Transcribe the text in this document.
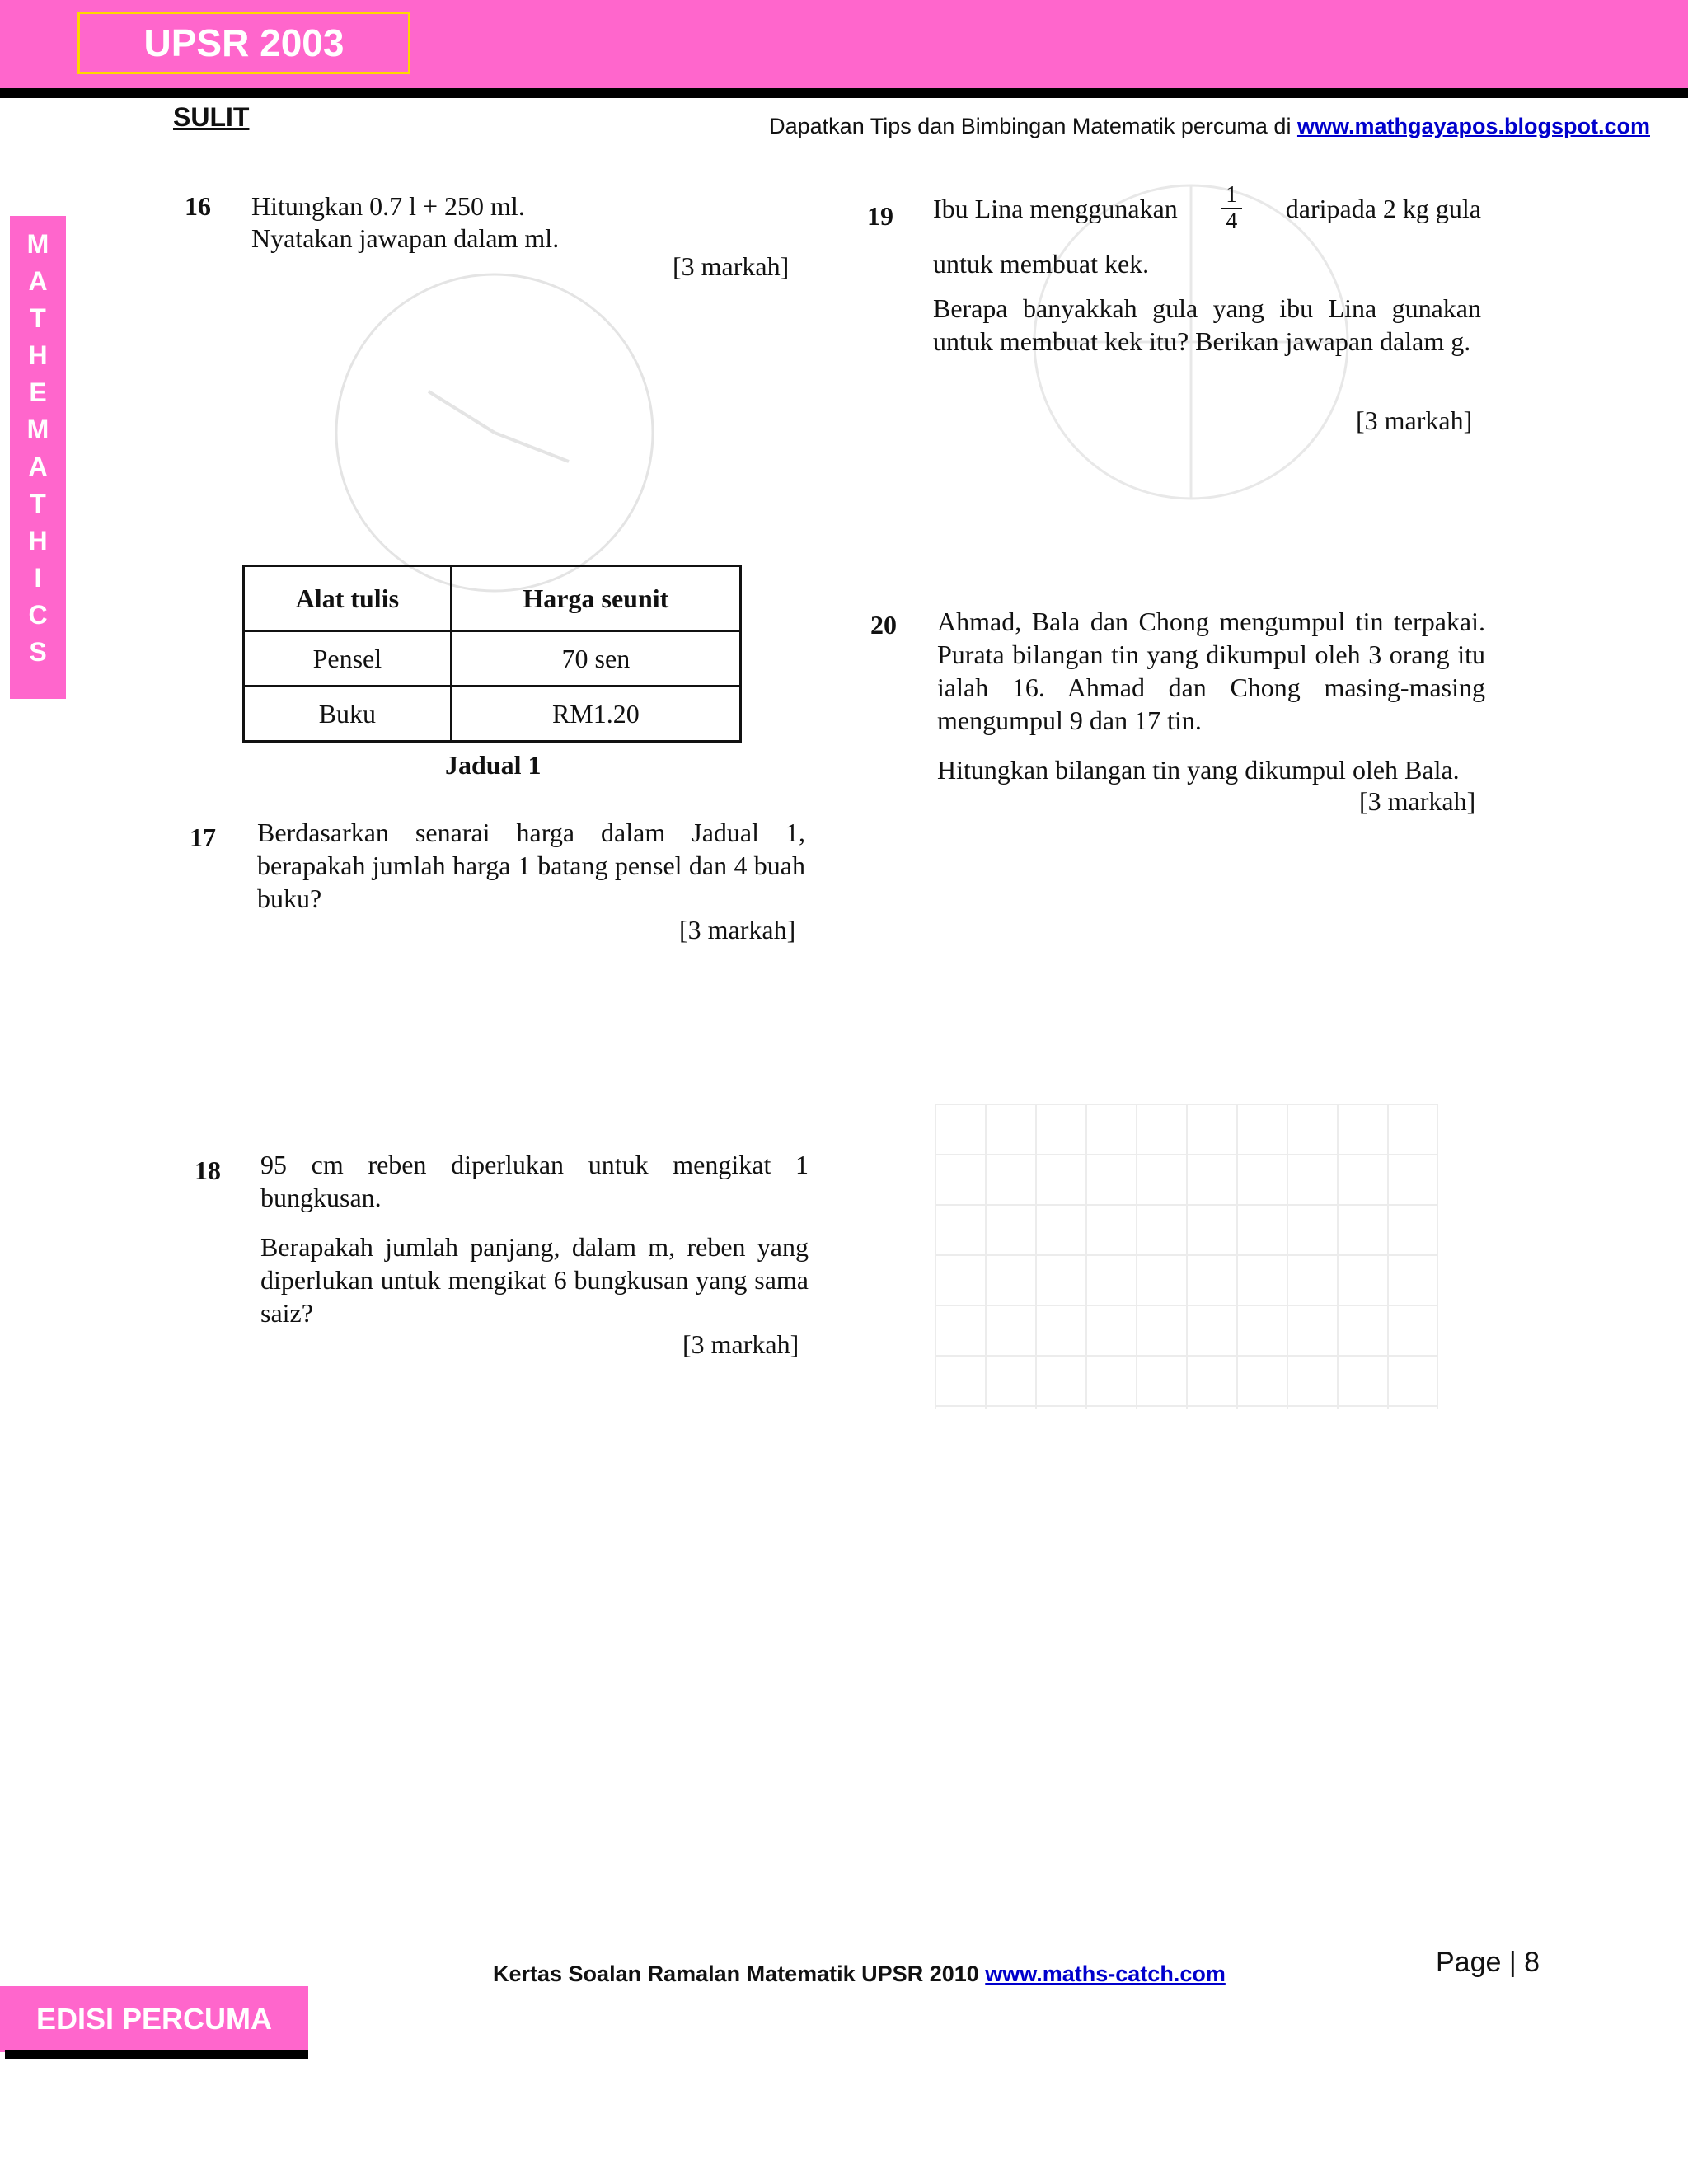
UPSR 2003
SULIT	Dapatkan Tips dan Bimbingan Matematik percuma di www.mathgayapos.blogspot.com
M
A
T
H
E
M
A
T
H
I
C
S
16 Hitungkan 0.7 l + 250 ml.
Nyatakan jawapan dalam ml.
[3 markah]
Alat tulis	Harga seunit
Pensel	70 sen
Buku	RM1.20
Jadual 1
17 Berdasarkan senarai harga dalam Jadual 1, berapakah jumlah harga 1 batang pensel dan 4 buah buku?
[3 markah]
18 95 cm reben diperlukan untuk mengikat 1 bungkusan.
Berapakah jumlah panjang, dalam m, reben yang diperlukan untuk mengikat 6 bungkusan yang sama saiz?
[3 markah]
19 Ibu Lina menggunakan $\frac{1}{4}$ daripada 2 kg gula
untuk membuat kek.
Berapa banyakkah gula yang ibu Lina gunakan untuk membuat kek itu? Berikan jawapan dalam g.
[3 markah]
20 Ahmad, Bala dan Chong mengumpul tin terpakai. Purata bilangan tin yang dikumpul oleh 3 orang itu ialah 16. Ahmad dan Chong masing-masing mengumpul 9 dan 17 tin.
Hitungkan bilangan tin yang dikumpul oleh Bala.
[3 markah]
Kertas Soalan Ramalan Matematik UPSR 2010 www.maths-catch.com	Page | 8
EDISI PERCUMA
